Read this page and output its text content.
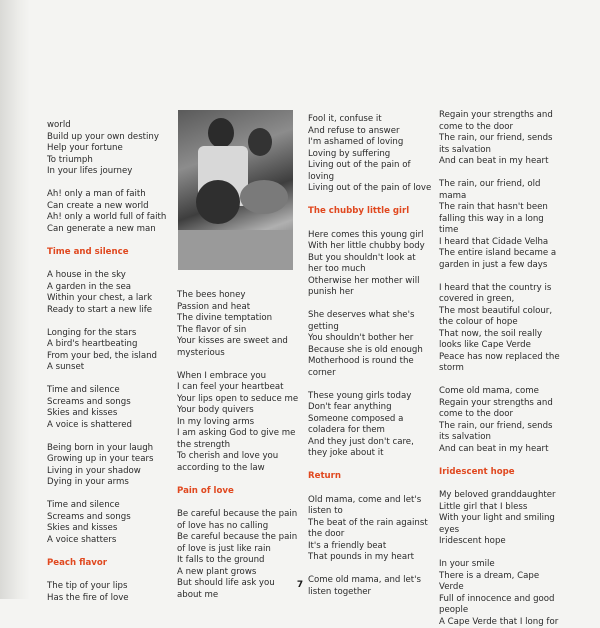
world
Build up your own destiny
Help your fortune
To triumph
In your lifes journey

Ah! only a man of faith
Can create a new world
Ah! only a world full of faith
Can generate a new man

Time and silence

A house in the sky
A garden in the sea
Within your chest, a lark
Ready to start a new life

Longing for the stars
A bird's heartbeating
From your bed, the island
A sunset

Time and silence
Screams and songs
Skies and kisses
A voice is shattered

Being born in your laugh
Growing up in your tears
Living in your shadow
Dying in your arms

Time and silence
Screams and songs
Skies and kisses
A voice shatters

Peach flavor

The tip of your lips
Has the fire of love

The bees honey
Passion and heat
The divine temptation
The flavor of sin
Your kisses are sweet and mysterious

When I embrace you
I can feel your heartbeat
Your lips open to seduce me
Your body quivers
In my loving arms
I am asking God to give me the strength
To cherish and love you according to the law

Pain of love

Be careful because the pain of love has no calling
Be careful because the pain of love is just like rain
It falls to the ground
A new plant grows
But should life ask you about me

Fool it, confuse it
And refuse to answer
I'm ashamed of loving
Loving by suffering
Living out of the pain of loving
Living out of the pain of love

The chubby little girl

Here comes this young girl
With her little chubby body
But you shouldn't look at her too much
Otherwise her mother will punish her

She deserves what she's getting
You shouldn't bother her
Because she is old enough
Motherhood is round the corner

These young girls today
Don't fear anything
Someone composed a coladera for them
And they just don't care, they joke about it

Return

Old mama, come and let's listen to
The beat of the rain against the door
It's a friendly beat
That pounds in my heart

Come old mama, and let's listen together

Regain your strengths and come to the door
The rain, our friend, sends its salvation
And can beat in my heart

The rain, our friend, old mama
The rain that hasn't been falling this way in a long time
I heard that Cidade Velha
The entire island became a garden in just a few days

I heard that the country is covered in green,
The most beautiful colour, the colour of hope
That now, the soil really looks like Cape Verde
Peace has now replaced the storm

Come old mama, come
Regain your strengths and come to the door
The rain, our friend, sends its salvation
And can beat in my heart

Iridescent hope

My beloved granddaughter
Little girl that I bless
With your light and smiling eyes
Iridescent hope

In your smile
There is a dream, Cape Verde
Full of innocence and good people
A Cape Verde that I long for

7
